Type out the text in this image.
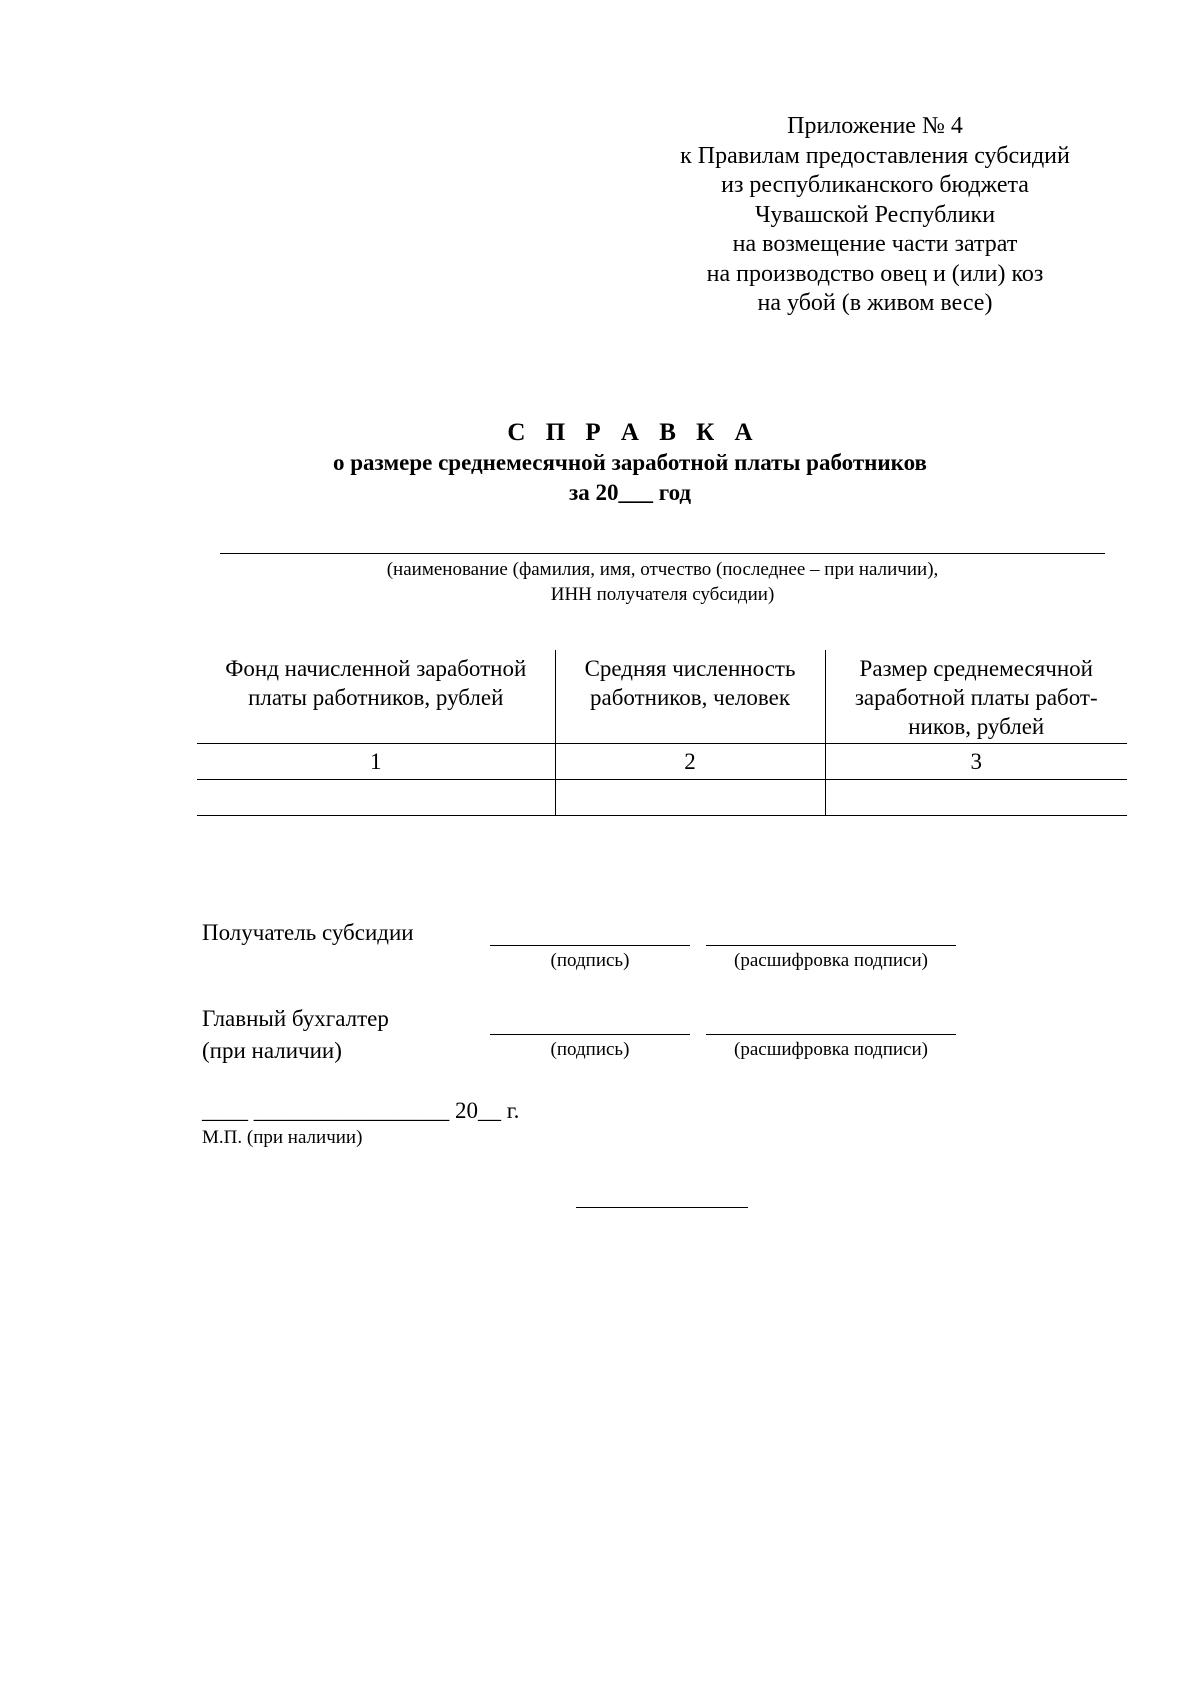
Приложение № 4
к Правилам предоставления субсидий
из республиканского бюджета
Чувашской Республики
на возмещение части затрат
на производство овец и (или) коз
на убой (в живом весе)
С П Р А В К А
о размере среднемесячной заработной платы работников
за 20___ год
(наименование (фамилия, имя, отчество (последнее – при наличии),
ИНН получателя субсидии)
Фонд начисленной заработной платы работников, рублей	Средняя численность работников, человек	Размер среднемесячной заработной платы работ-ников, рублей
1	2	3

Получатель субсидии
(подпись)	(расшифровка подписи)
Главный бухгалтер
(при наличии)	(подпись)	(расшифровка подписи)
____ _________________ 20__ г.
М.П. (при наличии)
